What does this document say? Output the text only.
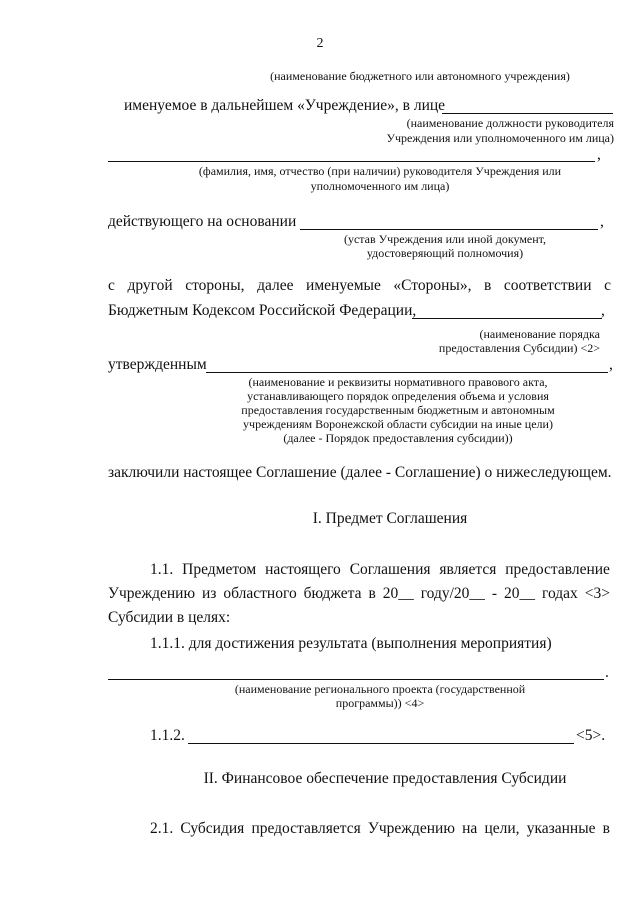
2
(наименование бюджетного или автономного учреждения)
именуемое в дальнейшем «Учреждение», в лице
(наименование должности руководителя
Учреждения или уполномоченного им лица)
,
(фамилия, имя, отчество (при наличии) руководителя Учреждения или
уполномоченного им лица)
действующего на основании	,
(устав Учреждения или иной документ,
удостоверяющий полномочия)
с другой стороны, далее именуемые «Стороны», в соответствии с
Бюджетным Кодексом Российской Федерации,	,
(наименование порядка
предоставления Субсидии) <2>
утвержденным	,
(наименование и реквизиты нормативного правового акта,
устанавливающего порядок определения объема и условия
предоставления государственным бюджетным и автономным
учреждениям Воронежской области субсидии на иные цели)
(далее - Порядок предоставления субсидии))
заключили настоящее Соглашение (далее - Соглашение) о нижеследующем.
I. Предмет Соглашения
1.1. Предметом настоящего Соглашения является предоставление
Учреждению из областного бюджета в 20__ году/20__ - 20__ годах <3>
Субсидии в целях:
1.1.1. для достижения результата (выполнения мероприятия)
.
(наименование регионального проекта (государственной
программы)) <4>
1.1.2.	<5>.
II. Финансовое обеспечение предоставления Субсидии
2.1. Субсидия предоставляется Учреждению на цели, указанные в
